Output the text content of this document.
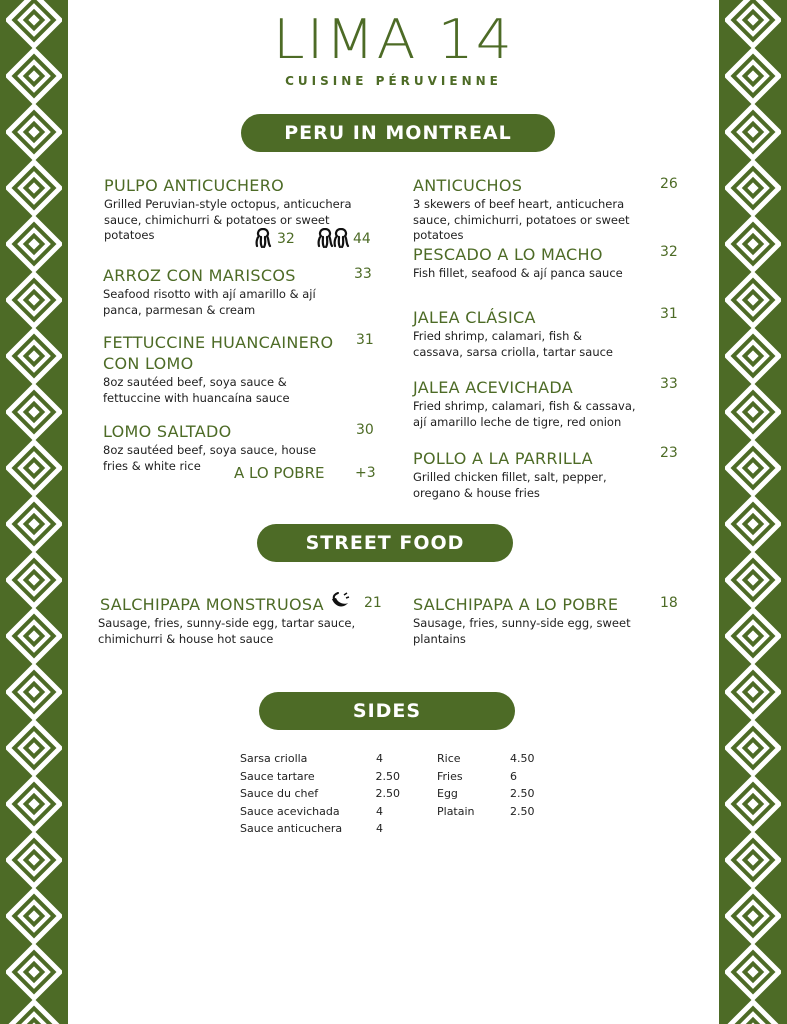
LIMA 14
CUISINE PÉRUVIENNE
PERU IN MONTREAL
STREET FOOD
SIDES
PULPO ANTICUCHERO
Grilled Peruvian-style octopus, anticuchera sauce, chimichurri & potatoes or sweet potatoes	32	44
ARROZ CON MARISCOS
Seafood risotto with ají amarillo & ají panca, parmesan & cream
33
FETTUCCINE HUANCAINERO CON LOMO
8oz sautéed beef, soya sauce & fettuccine with huancaína sauce
31
LOMO SALTADO
8oz sautéed beef, soya sauce, house fries & white rice
30
A LO POBRE +3
ANTICUCHOS
3 skewers of beef heart, anticuchera sauce, chimichurri, potatoes or sweet potatoes
26
PESCADO A LO MACHO
Fish fillet, seafood & ají panca sauce
32
JALEA CLÁSICA
Fried shrimp, calamari, fish & cassava, sarsa criolla, tartar sauce
31
JALEA ACEVICHADA
Fried shrimp, calamari, fish & cassava, ají amarillo leche de tigre, red onion
33
POLLO A LA PARRILLA
Grilled chicken fillet, salt, pepper, oregano & house fries
23
SALCHIPAPA MONSTRUOSA
Sausage, fries, sunny-side egg, tartar sauce, chimichurri & house hot sauce
21 SALCHIPAPA A LO POBRE
Sausage, fries, sunny-side egg, sweet plantains
18
Sarsa criolla	4
Sauce tartare	2.50
Sauce du chef	2.50
Sauce acevichada	4
Sauce anticuchera	4
Rice	4.50
Fries	6
Egg	2.50
Platain	2.50
